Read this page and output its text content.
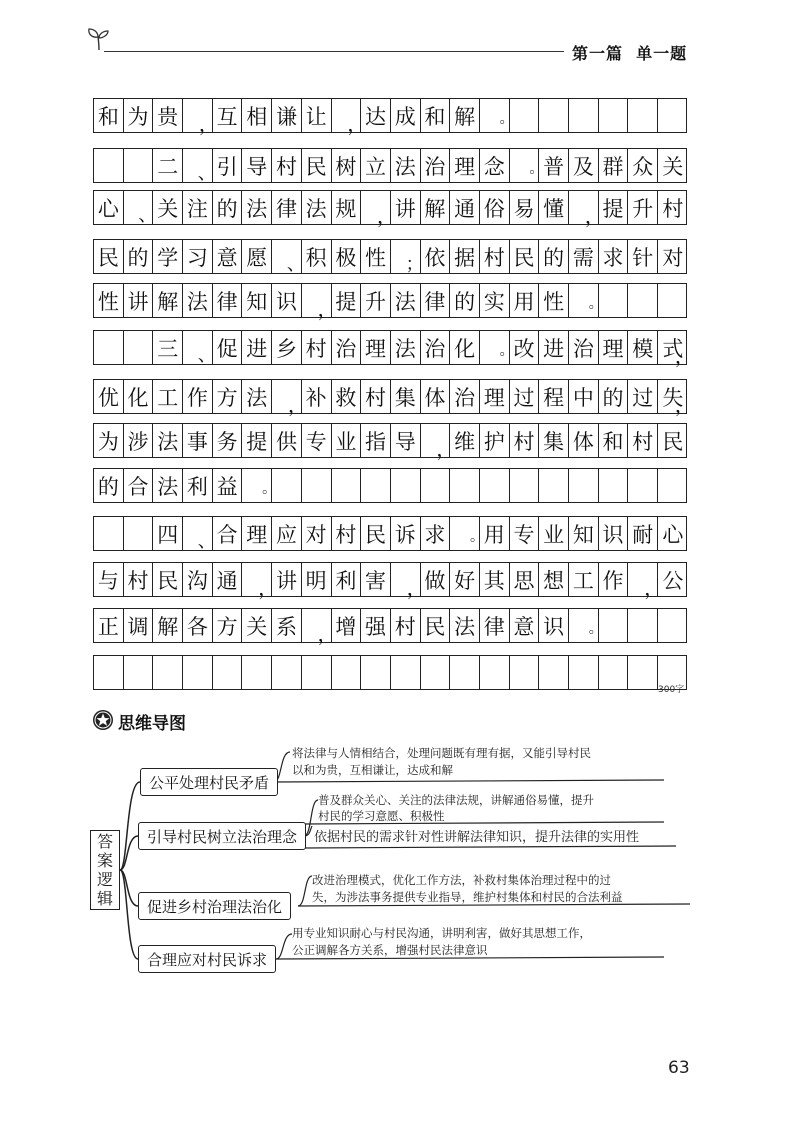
第一篇  单一题
和 为 贵 ，
互 相 谦 让 ，
达 成 和 解	。
二 、 引 导 村 民 树 立 法 治 理 念	。 普 及 群 众 关
心 、 关 注 的 法 律 法 规 ，
讲 解 通 俗 易 懂 ，
提 升 村
民 的 学 习 意 愿 、 积 极 性 ； 依 据 村 民 的 需 求 针 对
性 讲 解 法 律 知 识 ，
提 升 法 律 的 实 用 性	。
三 、 促 进 乡 村 治 理 法 治 化	。 改 进 治 理 模 式
，
优 化 工 作 方 法 ，
补 救 村 集 体 治 理 过 程 中 的 过 失
，
为 涉 法 事 务 提 供 专 业 指 导 ，
维 护 村 集 体 和 村 民
的 合 法 利 益	。
四 、 合 理 应 对 村 民 诉 求	。 用 专 业 知 识 耐 心
与 村 民 沟 通 ，
讲 明 利 害 ，
做 好 其 思 想 工 作 ，
公
正 调 解 各 方 关 系 ，
增 强 村 民 法 律 意 识	。
300字
思维导图
答
案
逻
辑
公平处理村民矛盾
将法律与人情相结合，处理问题既有理有据，又能引导村民
以和为贵，互相谦让，达成和解
引导村民树立法治理念
普及群众关心、关注的法律法规，讲解通俗易懂，提升
村民的学习意愿、积极性
依据村民的需求针对性讲解法律知识，提升法律的实用性
促进乡村治理法治化
改进治理模式，优化工作方法，补救村集体治理过程中的过
失，为涉法事务提供专业指导，维护村集体和村民的合法利益
合理应对村民诉求
用专业知识耐心与村民沟通，讲明利害，做好其思想工作，
公正调解各方关系，增强村民法律意识
63
